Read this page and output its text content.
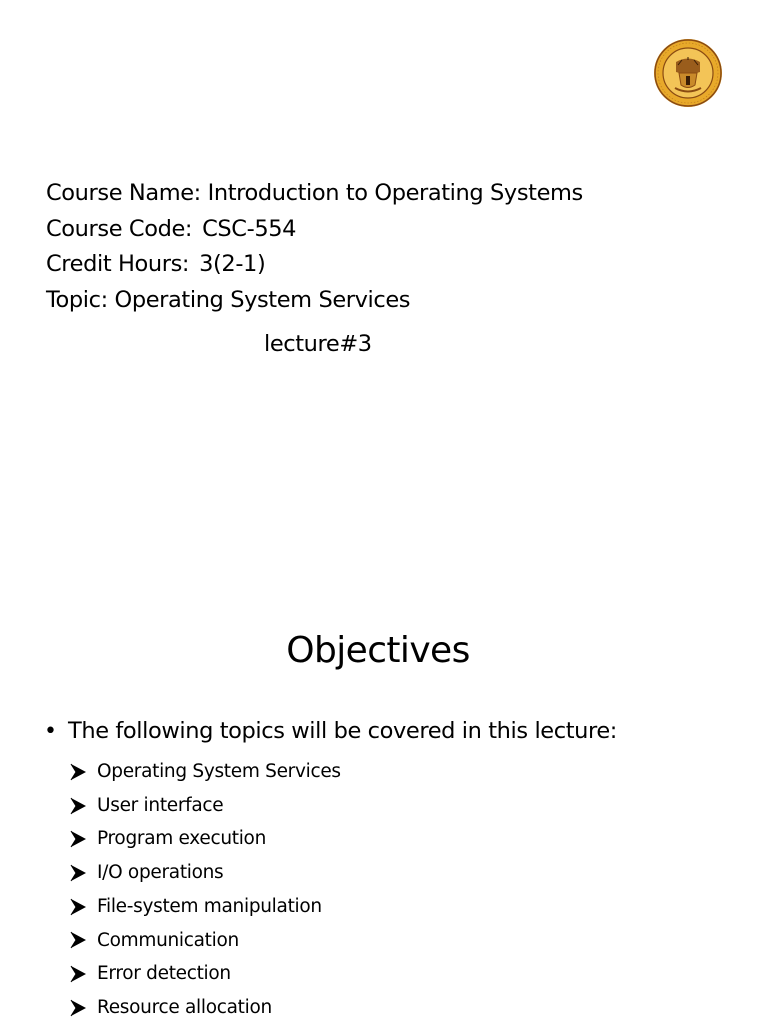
Course Name: Introduction to Operating Systems
Course Code: CSC-554
Credit Hours: 3(2-1)
Topic: Operating System Services
lecture#3
Objectives
• The following topics will be covered in this lecture:
Operating System Services
User interface
Program execution
I/O operations
File-system manipulation
Communication
Error detection
Resource allocation
